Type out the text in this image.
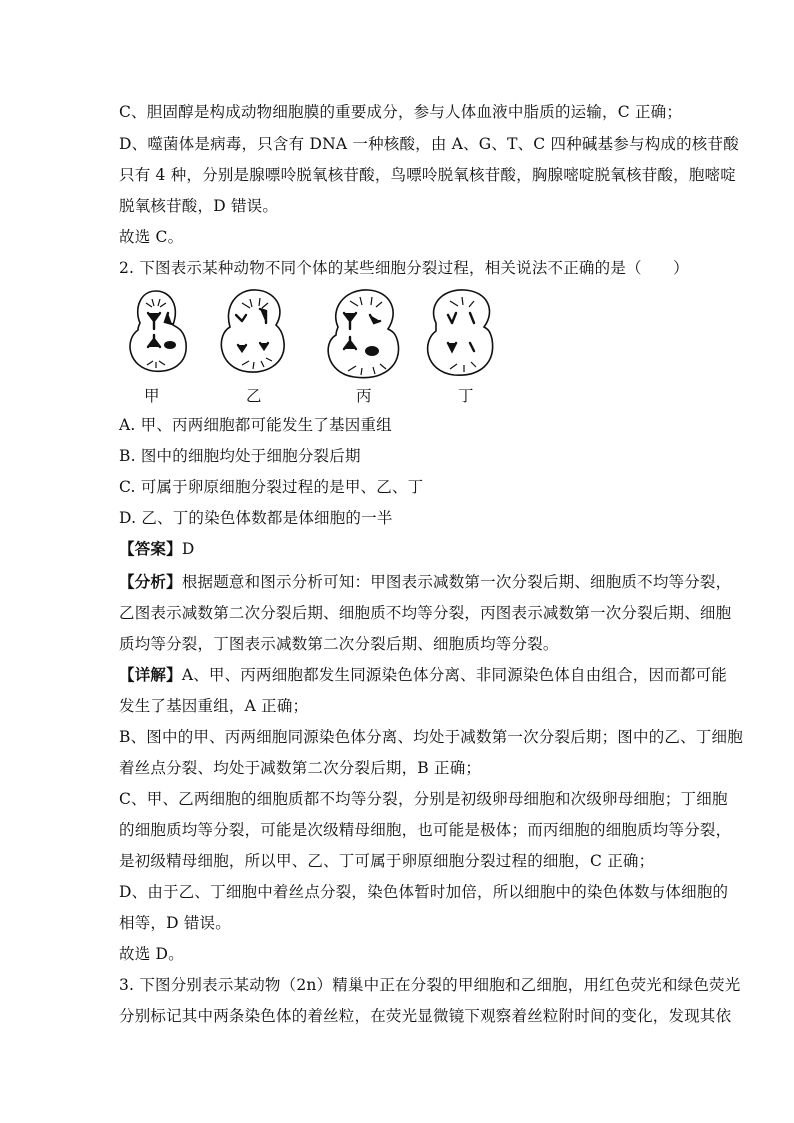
C、胆固醇是构成动物细胞膜的重要成分，参与人体血液中脂质的运输，C 正确；
D、噬菌体是病毒，只含有 DNA 一种核酸，由 A、G、T、C 四种碱基参与构成的核苷酸
只有 4 种，分别是腺嘌呤脱氧核苷酸，鸟嘌呤脱氧核苷酸，胸腺嘧啶脱氧核苷酸，胞嘧啶
脱氧核苷酸，D 错误。
故选 C。
2. 下图表示某种动物不同个体的某些细胞分裂过程，相关说法不正确的是（　　）
甲	乙	丙	丁
A. 甲、丙两细胞都可能发生了基因重组
B. 图中的细胞均处于细胞分裂后期
C. 可属于卵原细胞分裂过程的是甲、乙、丁
D. 乙、丁的染色体数都是体细胞的一半
【答案】D
【分析】根据题意和图示分析可知：甲图表示减数第一次分裂后期、细胞质不均等分裂，
乙图表示减数第二次分裂后期、细胞质不均等分裂，丙图表示减数第一次分裂后期、细胞
质均等分裂，丁图表示减数第二次分裂后期、细胞质均等分裂。
【详解】A、甲、丙两细胞都发生同源染色体分离、非同源染色体自由组合，因而都可能
发生了基因重组，A 正确；
B、图中的甲、丙两细胞同源染色体分离、均处于减数第一次分裂后期；图中的乙、丁细胞
着丝点分裂、均处于减数第二次分裂后期，B 正确；
C、甲、乙两细胞的细胞质都不均等分裂，分别是初级卵母细胞和次级卵母细胞；丁细胞
的细胞质均等分裂，可能是次级精母细胞，也可能是极体；而丙细胞的细胞质均等分裂，
是初级精母细胞，所以甲、乙、丁可属于卵原细胞分裂过程的细胞，C 正确；
D、由于乙、丁细胞中着丝点分裂，染色体暂时加倍，所以细胞中的染色体数与体细胞的
相等，D 错误。
故选 D。
3. 下图分别表示某动物（2n）精巢中正在分裂的甲细胞和乙细胞，用红色荧光和绿色荧光
分别标记其中两条染色体的着丝粒，在荧光显微镜下观察着丝粒附时间的变化，发现其依
